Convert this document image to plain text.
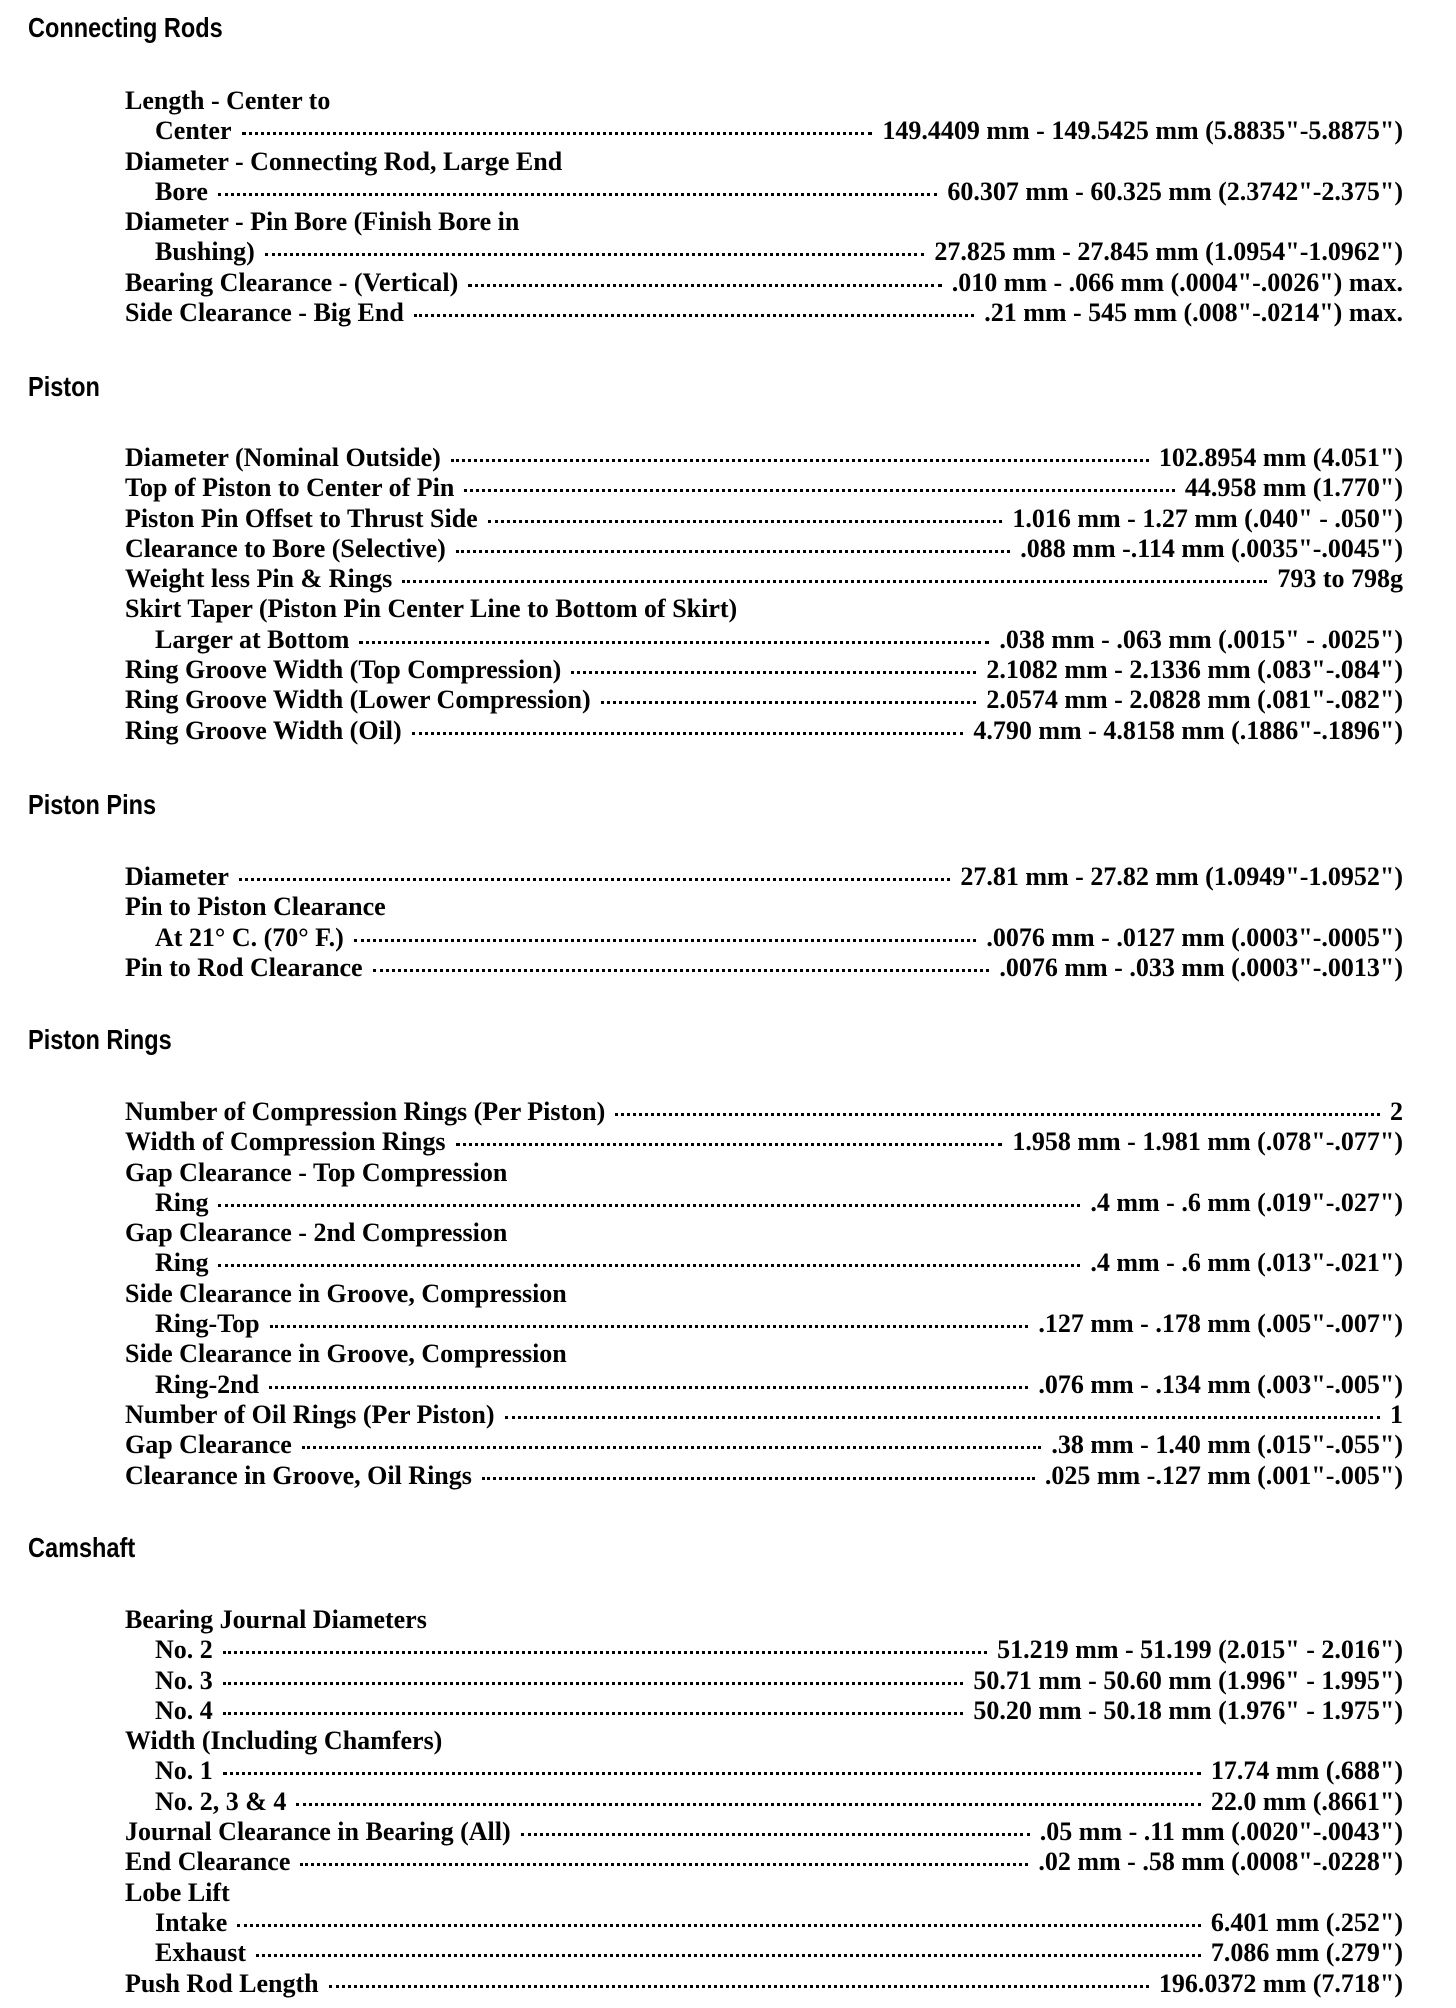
Connecting Rods
Length - Center to
Center	149.4409 mm - 149.5425 mm (5.8835"-5.8875")
Diameter - Connecting Rod, Large End
Bore	60.307 mm - 60.325 mm (2.3742"-2.375")
Diameter - Pin Bore (Finish Bore in
Bushing)	27.825 mm - 27.845 mm (1.0954"-1.0962")
Bearing Clearance - (Vertical)	.010 mm - .066 mm (.0004"-.0026") max.
Side Clearance - Big End	.21 mm - 545 mm (.008"-.0214") max.
Piston
Diameter (Nominal Outside)	102.8954 mm (4.051")
Top of Piston to Center of Pin	44.958 mm (1.770")
Piston Pin Offset to Thrust Side	1.016 mm - 1.27 mm (.040" - .050")
Clearance to Bore (Selective)	.088 mm -.114 mm (.0035"-.0045")
Weight less Pin & Rings	793 to 798g
Skirt Taper (Piston Pin Center Line to Bottom of Skirt)
Larger at Bottom	.038 mm - .063 mm (.0015" - .0025")
Ring Groove Width (Top Compression)	2.1082 mm - 2.1336 mm (.083"-.084")
Ring Groove Width (Lower Compression)	2.0574 mm - 2.0828 mm (.081"-.082")
Ring Groove Width (Oil)	4.790 mm - 4.8158 mm (.1886"-.1896")
Piston Pins
Diameter	27.81 mm - 27.82 mm (1.0949"-1.0952")
Pin to Piston Clearance
At 21° C. (70° F.)	.0076 mm - .0127 mm (.0003"-.0005")
Pin to Rod Clearance	.0076 mm - .033 mm (.0003"-.0013")
Piston Rings
Number of Compression Rings (Per Piston)	2
Width of Compression Rings	1.958 mm - 1.981 mm (.078"-.077")
Gap Clearance - Top Compression
Ring	.4 mm - .6 mm (.019"-.027")
Gap Clearance - 2nd Compression
Ring	.4 mm - .6 mm (.013"-.021")
Side Clearance in Groove, Compression
Ring-Top	.127 mm - .178 mm (.005"-.007")
Side Clearance in Groove, Compression
Ring-2nd	.076 mm - .134 mm (.003"-.005")
Number of Oil Rings (Per Piston)	1
Gap Clearance	.38 mm - 1.40 mm (.015"-.055")
Clearance in Groove, Oil Rings	.025 mm -.127 mm (.001"-.005")
Camshaft
Bearing Journal Diameters
No. 2	51.219 mm - 51.199 (2.015" - 2.016")
No. 3	50.71 mm - 50.60 mm (1.996" - 1.995")
No. 4	50.20 mm - 50.18 mm (1.976" - 1.975")
Width (Including Chamfers)
No. 1	17.74 mm (.688")
No. 2, 3 & 4	22.0 mm (.8661")
Journal Clearance in Bearing (All)	.05 mm - .11 mm (.0020"-.0043")
End Clearance	.02 mm - .58 mm (.0008"-.0228")
Lobe Lift
Intake	6.401 mm (.252")
Exhaust	7.086 mm (.279")
Push Rod Length	196.0372 mm (7.718")
